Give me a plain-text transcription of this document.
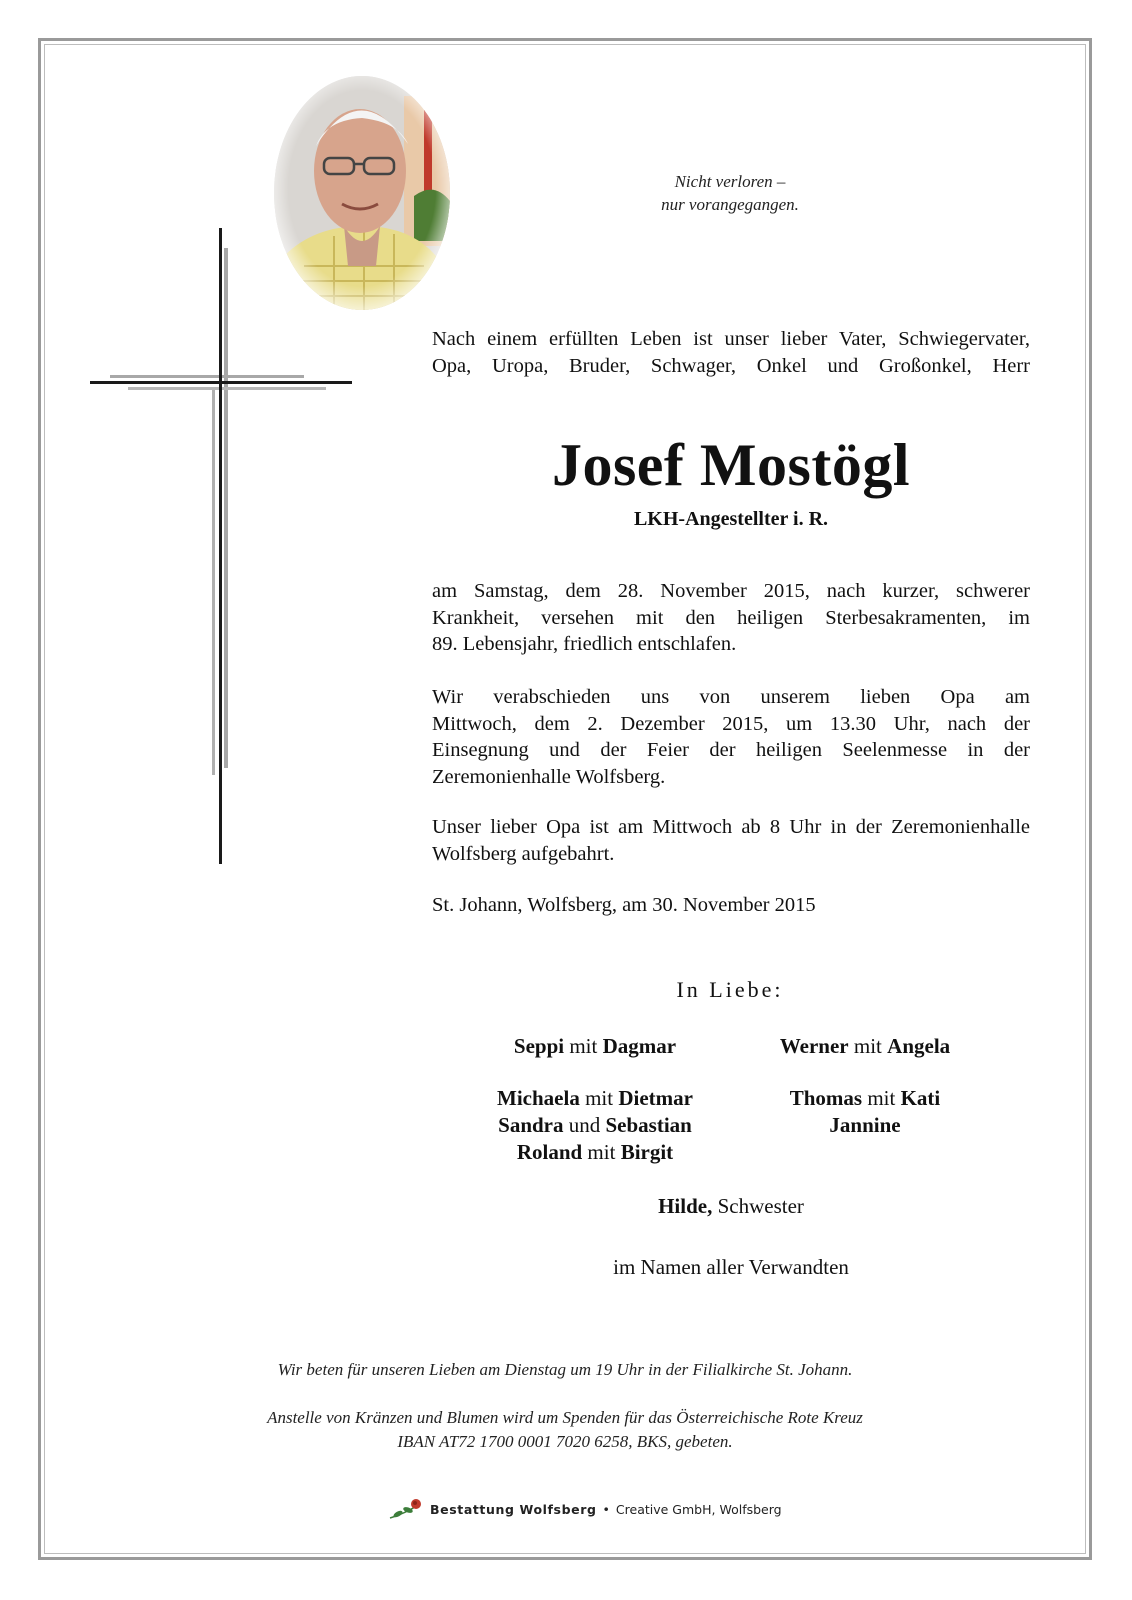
Nicht verloren –
nur vorangegangen.
Nach einem erfüllten Leben ist unser lieber Vater, Schwiegervater,
Opa, Uropa, Bruder, Schwager, Onkel und Großonkel, Herr
Josef Mostögl
LKH-Angestellter i. R.
am Samstag, dem 28. November 2015, nach kurzer, schwerer
Krankheit, versehen mit den heiligen Sterbesakramenten, im
89. Lebensjahr, friedlich entschlafen.
Wir verabschieden uns von unserem lieben Opa am
Mittwoch, dem 2. Dezember 2015, um 13.30 Uhr, nach der
Einsegnung und der Feier der heiligen Seelenmesse in der
Zeremonienhalle Wolfsberg.
Unser lieber Opa ist am Mittwoch ab 8 Uhr in der Zeremonienhalle
Wolfsberg aufgebahrt.
St. Johann, Wolfsberg, am 30. November 2015
In Liebe:
Seppi mit Dagmar	Werner mit Angela
Michaela mit Dietmar
Sandra und Sebastian
Roland mit Birgit
Thomas mit Kati
Jannine
Hilde, Schwester
im Namen aller Verwandten
Wir beten für unseren Lieben am Dienstag um 19 Uhr in der Filialkirche St. Johann.
Anstelle von Kränzen und Blumen wird um Spenden für das Österreichische Rote Kreuz
IBAN AT72 1700 0001 7020 6258, BKS, gebeten.
Bestattung Wolfsberg • Creative GmbH, Wolfsberg
